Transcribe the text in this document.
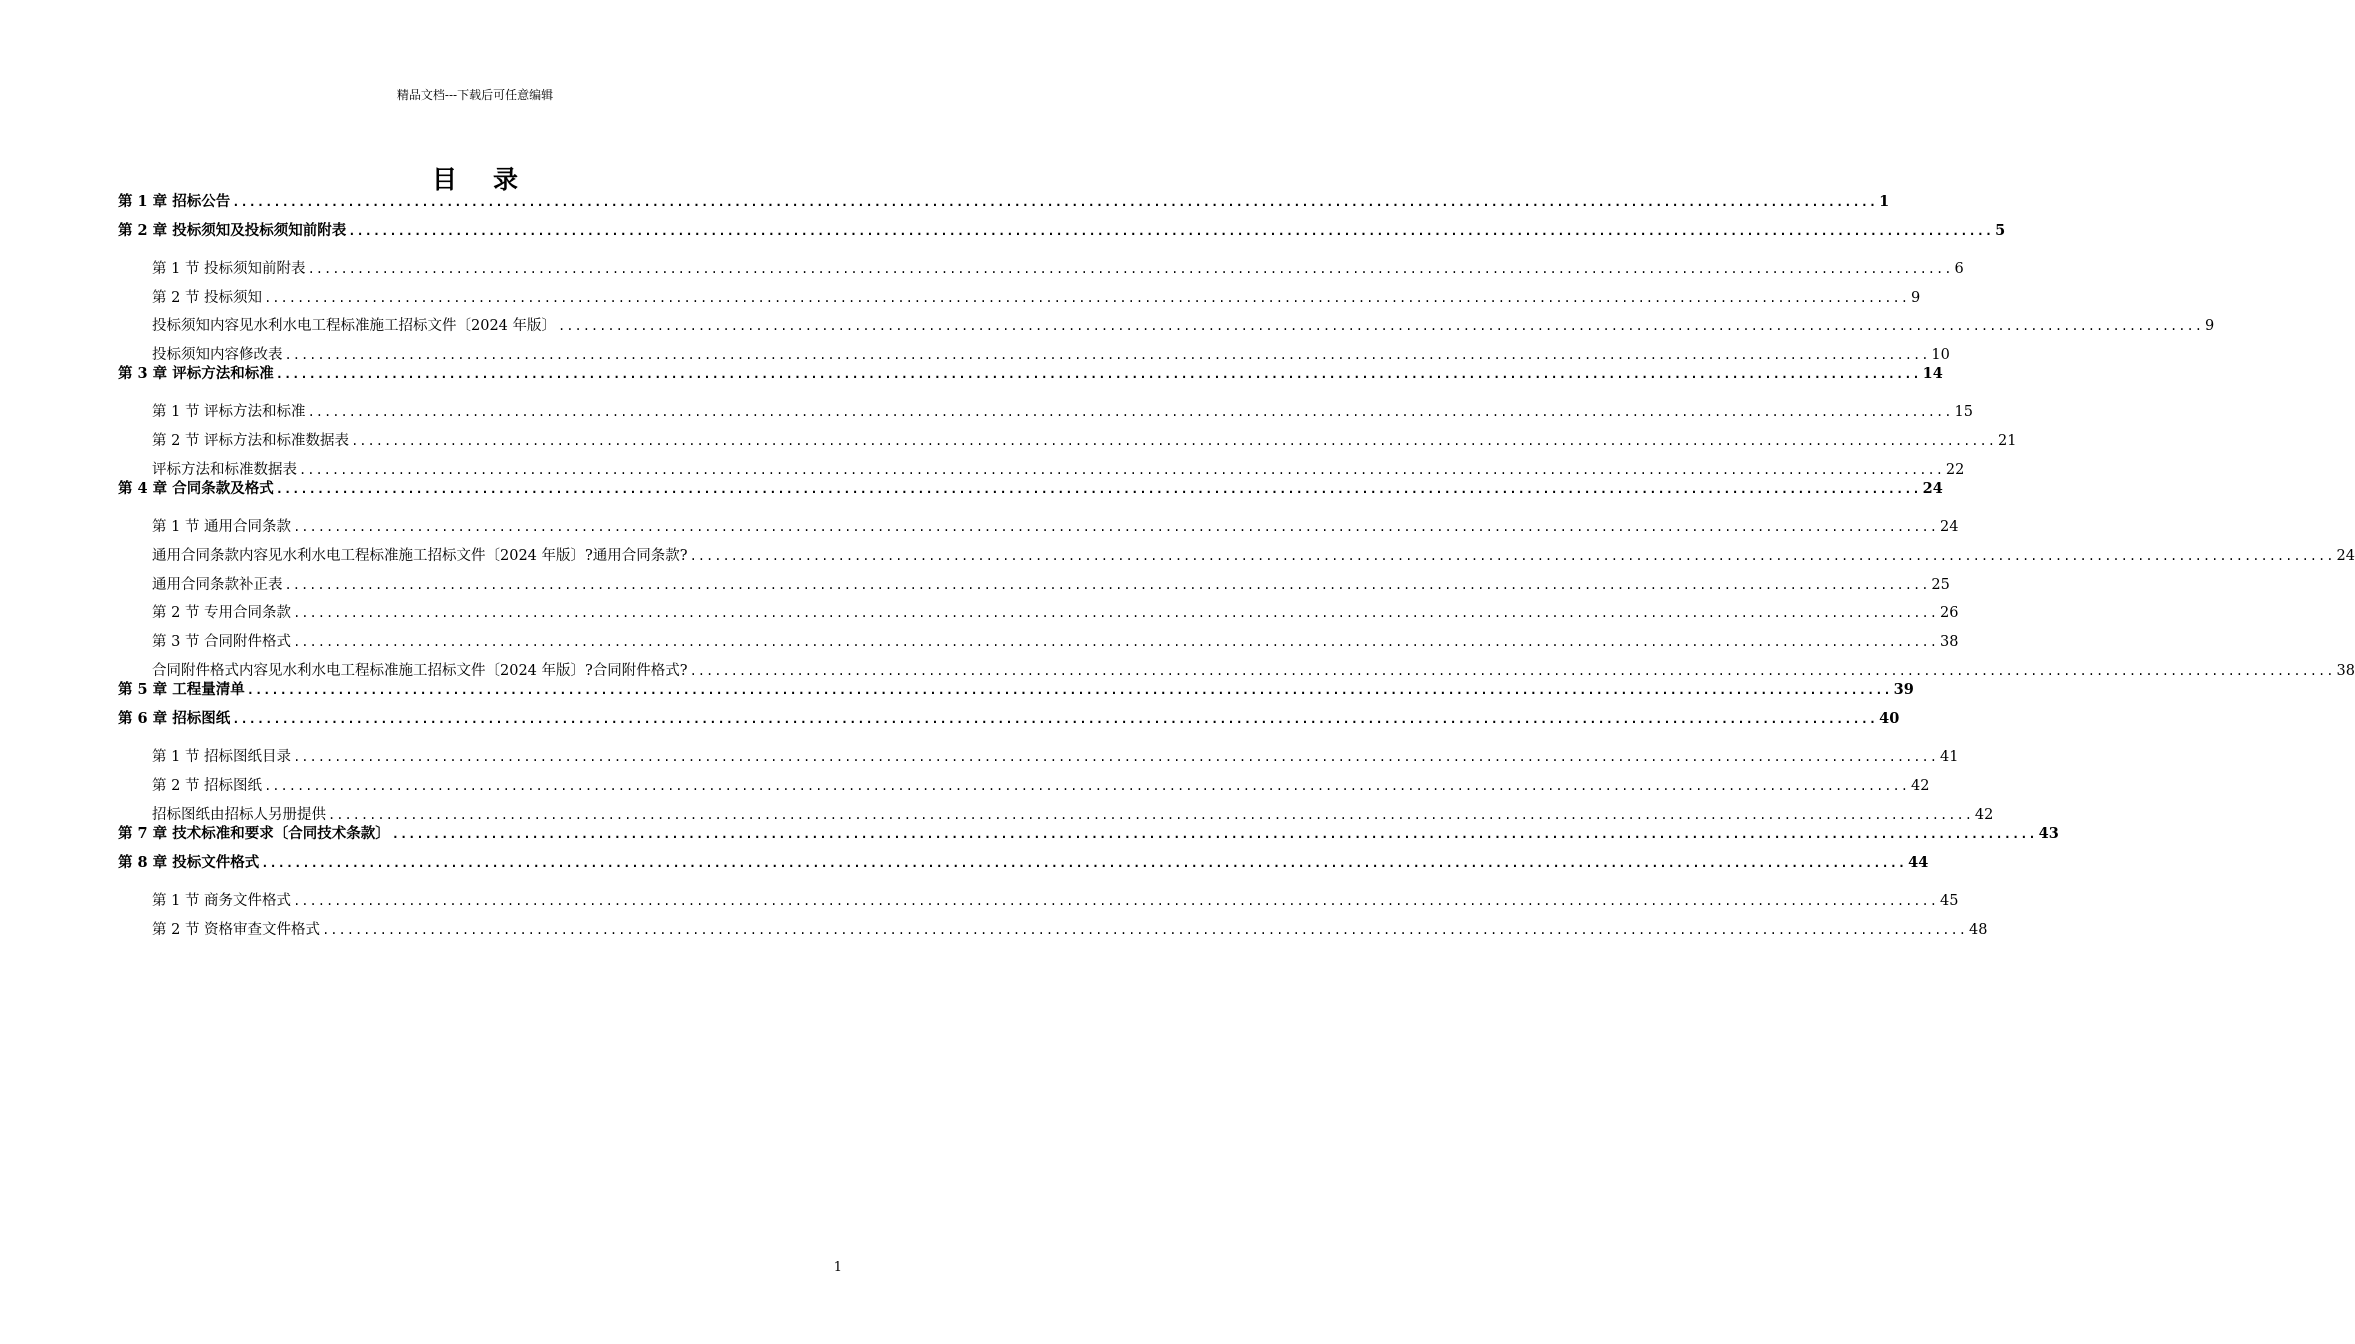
精品文档---下载后可任意编辑
目录
第 1 章 招标公告 ........................................................................................................................................................................................................ 1
第 2 章 投标须知及投标须知前附表 ........................................................................................................................................................................................................ 5
第 1 节 投标须知前附表 ........................................................................................................................................................................................................ 6
第 2 节 投标须知 ........................................................................................................................................................................................................ 9
投标须知内容见水利水电工程标准施工招标文件〔2024 年版〕 ........................................................................................................................................................................................................ 9
投标须知内容修改表 ........................................................................................................................................................................................................ 10
第 3 章 评标方法和标准 ........................................................................................................................................................................................................ 14
第 1 节 评标方法和标准 ........................................................................................................................................................................................................ 15
第 2 节 评标方法和标准数据表 ........................................................................................................................................................................................................ 21
评标方法和标准数据表 ........................................................................................................................................................................................................ 22
第 4 章 合同条款及格式 ........................................................................................................................................................................................................ 24
第 1 节 通用合同条款 ........................................................................................................................................................................................................ 24
通用合同条款内容见水利水电工程标准施工招标文件〔2024 年版〕?通用合同条款? ........................................................................................................................................................................................................ 24
通用合同条款补正表 ........................................................................................................................................................................................................ 25
第 2 节 专用合同条款 ........................................................................................................................................................................................................ 26
第 3 节 合同附件格式 ........................................................................................................................................................................................................ 38
合同附件格式内容见水利水电工程标准施工招标文件〔2024 年版〕?合同附件格式? ........................................................................................................................................................................................................ 38
第 5 章 工程量清单 ........................................................................................................................................................................................................ 39
第 6 章 招标图纸 ........................................................................................................................................................................................................ 40
第 1 节 招标图纸目录 ........................................................................................................................................................................................................ 41
第 2 节 招标图纸 ........................................................................................................................................................................................................ 42
招标图纸由招标人另册提供 ........................................................................................................................................................................................................ 42
第 7 章 技术标准和要求〔合同技术条款〕 ........................................................................................................................................................................................................ 43
第 8 章 投标文件格式 ........................................................................................................................................................................................................ 44
第 1 节 商务文件格式 ........................................................................................................................................................................................................ 45
第 2 节 资格审查文件格式 ........................................................................................................................................................................................................ 48
1
